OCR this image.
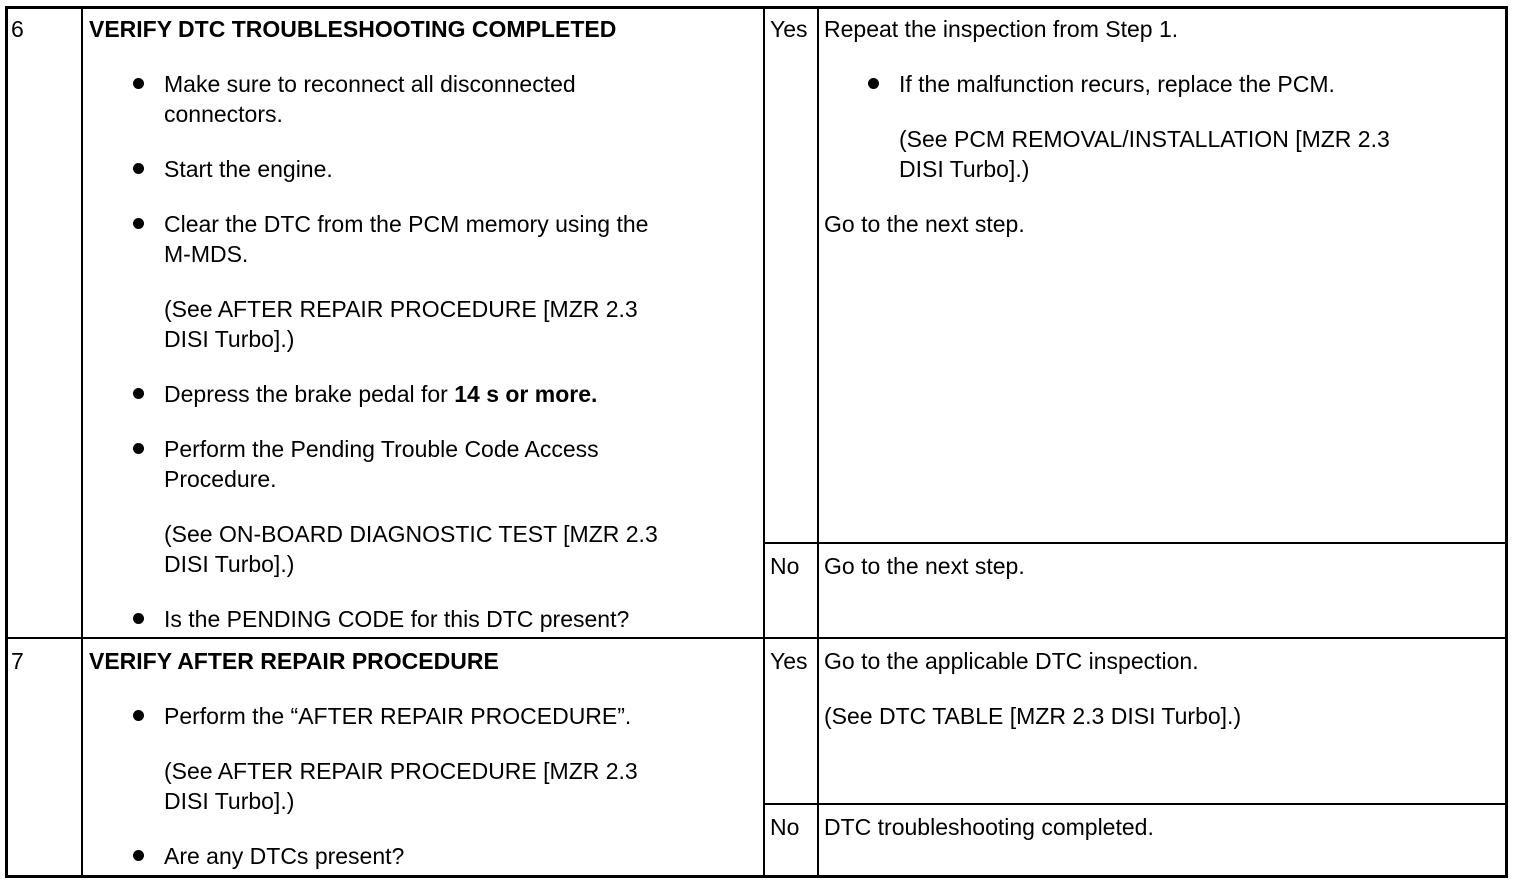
6	VERIFY DTC TROUBLESHOOTING COMPLETED

Make sure to reconnect all disconnected

connectors.

Start the engine.

Clear the DTC from the PCM memory using the

M-MDS.

(See AFTER REPAIR PROCEDURE [MZR 2.3

DISI Turbo].)

Depress the brake pedal for 14 s or more.

Perform the Pending Trouble Code Access

Procedure.

(See ON-BOARD DIAGNOSTIC TEST [MZR 2.3

DISI Turbo].)

Is the PENDING CODE for this DTC present?

Yes Repeat the inspection from Step 1.

If the malfunction recurs, replace the PCM.

(See PCM REMOVAL/INSTALLATION [MZR 2.3

DISI Turbo].)

Go to the next step.

No Go to the next step.

7	VERIFY AFTER REPAIR PROCEDURE

Perform the “AFTER REPAIR PROCEDURE”.

(See AFTER REPAIR PROCEDURE [MZR 2.3

DISI Turbo].)

Are any DTCs present?

Yes Go to the applicable DTC inspection.

(See DTC TABLE [MZR 2.3 DISI Turbo].)

No DTC troubleshooting completed.
